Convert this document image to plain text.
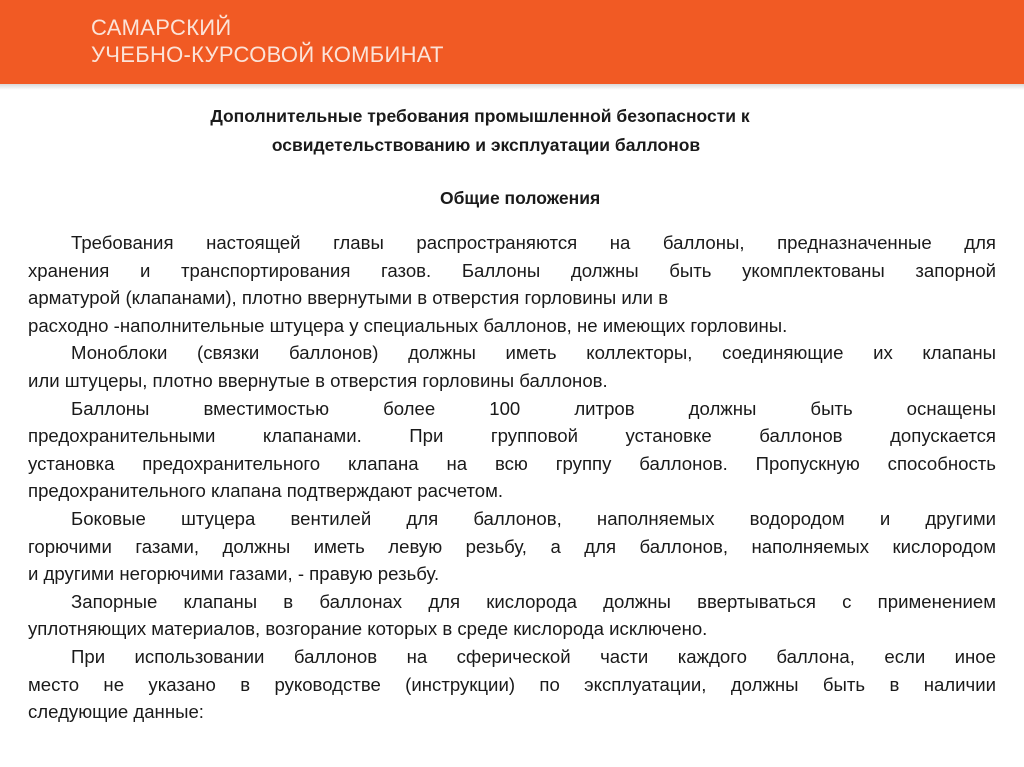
САМАРСКИЙ
УЧЕБНО-КУРСОВОЙ КОМБИНАТ
Дополнительные требования промышленной безопасности к
освидетельствованию и эксплуатации баллонов
Общие положения

Требования настоящей главы распространяются на баллоны, предназначенные для
хранения и транспортирования газов. Баллоны должны быть укомплектованы запорной
арматурой (клапанами), плотно ввернутыми в отверстия горловины или в
расходно -наполнительные штуцера у специальных баллонов, не имеющих горловины.

Моноблоки (связки баллонов) должны иметь коллекторы, соединяющие их клапаны
или штуцеры, плотно ввернутые в отверстия горловины баллонов.

Баллоны вместимостью более 100 литров должны быть оснащены
предохранительными клапанами. При групповой установке баллонов допускается
установка предохранительного клапана на всю группу баллонов. Пропускную способность
предохранительного клапана подтверждают расчетом.

Боковые штуцера вентилей для баллонов, наполняемых водородом и другими
горючими газами, должны иметь левую резьбу, а для баллонов, наполняемых кислородом
и другими негорючими газами, - правую резьбу.

Запорные клапаны в баллонах для кислорода должны ввертываться с применением
уплотняющих материалов, возгорание которых в среде кислорода исключено.

При использовании баллонов на сферической части каждого баллона, если иное
место не указано в руководстве (инструкции) по эксплуатации, должны быть в наличии
следующие данные:
